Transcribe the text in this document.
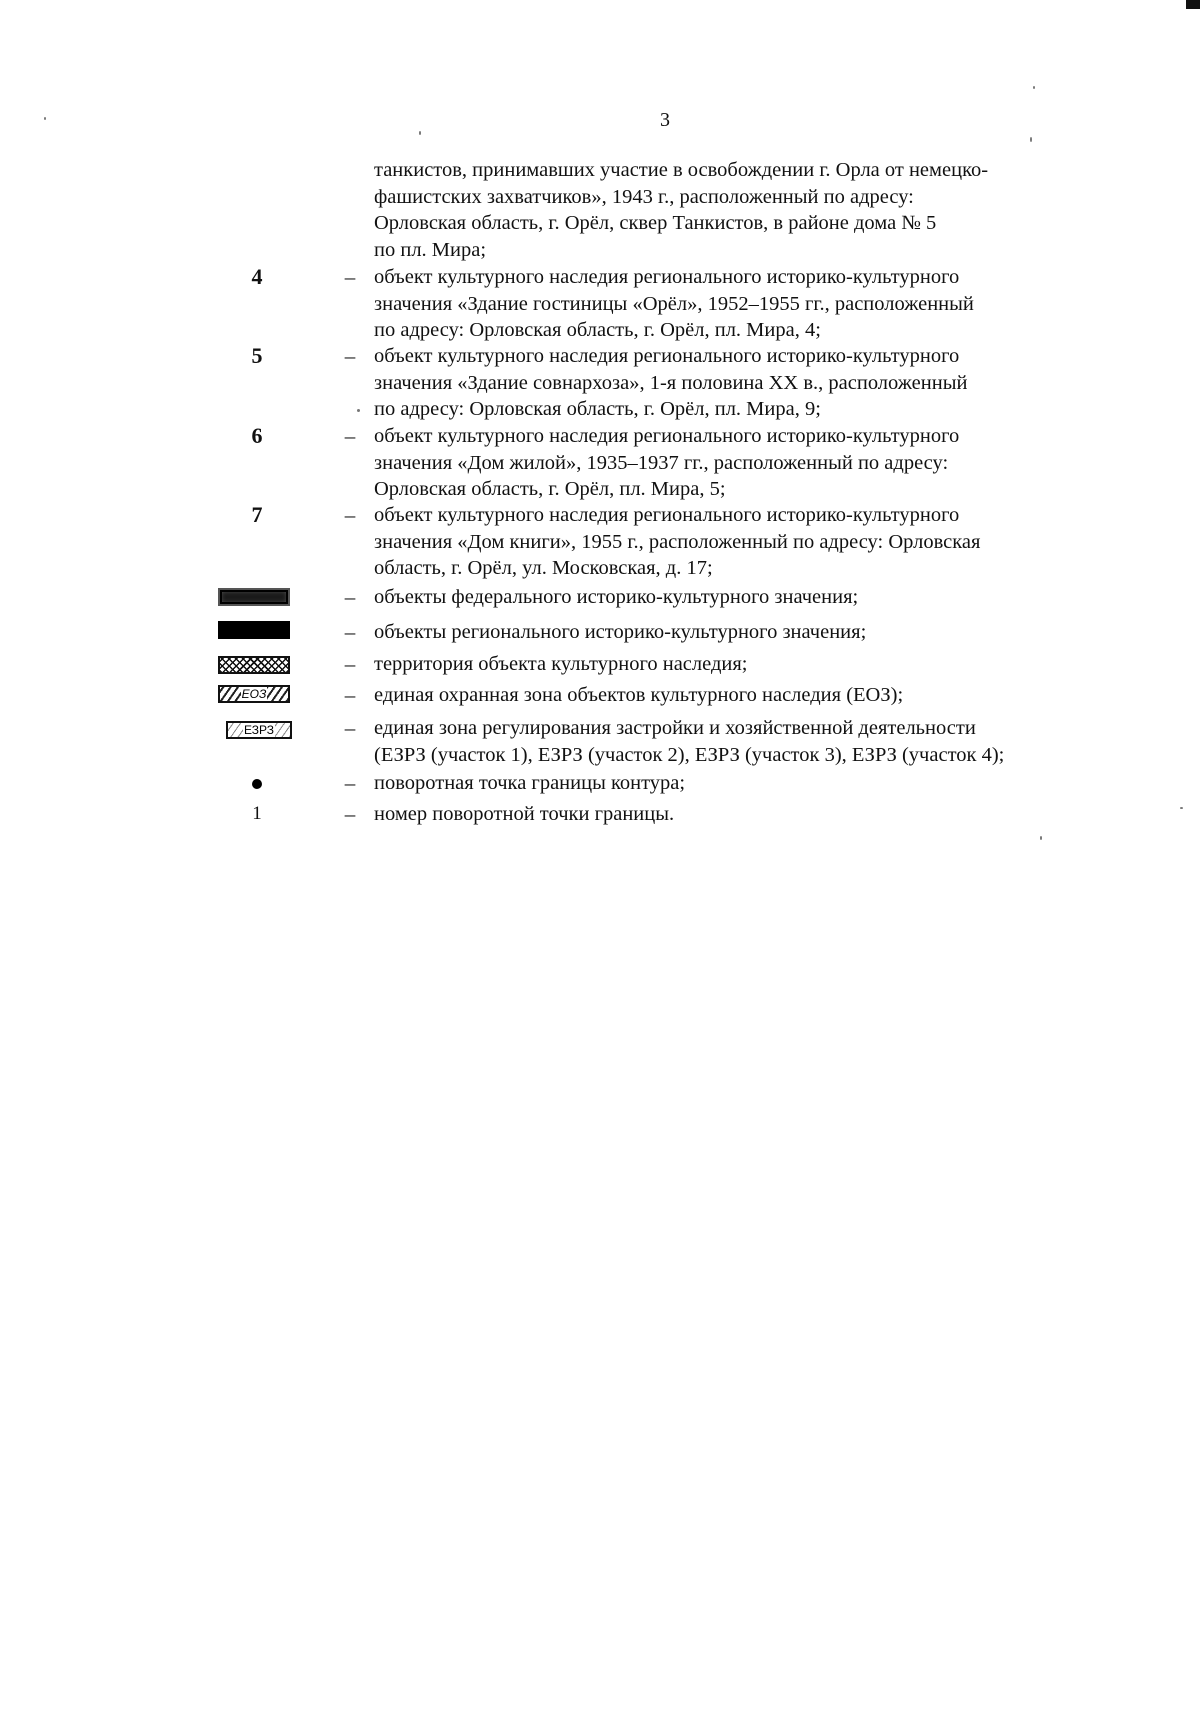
3
танкистов, принимавших участие в освобождении г. Орла от немецко-
фашистских захватчиков», 1943 г., расположенный по адресу:
Орловская область, г. Орёл, сквер Танкистов, в районе дома № 5
по пл. Мира;
4	– объект культурного наследия регионального историко-культурного
значения «Здание гостиницы «Орёл», 1952–1955 гг., расположенный
по адресу: Орловская область, г. Орёл, пл. Мира, 4;
5	– объект культурного наследия регионального историко-культурного
значения «Здание совнархоза», 1-я половина XX в., расположенный
по адресу: Орловская область, г. Орёл, пл. Мира, 9;
6	– объект культурного наследия регионального историко-культурного
значения «Дом жилой», 1935–1937 гг., расположенный по адресу:
Орловская область, г. Орёл, пл. Мира, 5;
7	– объект культурного наследия регионального историко-культурного
значения «Дом книги», 1955 г., расположенный по адресу: Орловская
область, г. Орёл, ул. Московская, д. 17;
– объекты федерального историко-культурного значения;
– объекты регионального историко-культурного значения;
– территория объекта культурного наследия;
ЕОЗ	– единая охранная зона объектов культурного наследия (ЕОЗ);
ЕЗРЗ	– единая зона регулирования застройки и хозяйственной деятельности
(ЕЗРЗ (участок 1), ЕЗРЗ (участок 2), ЕЗРЗ (участок 3), ЕЗРЗ (участок 4);
– поворотная точка границы контура;
1	– номер поворотной точки границы.
